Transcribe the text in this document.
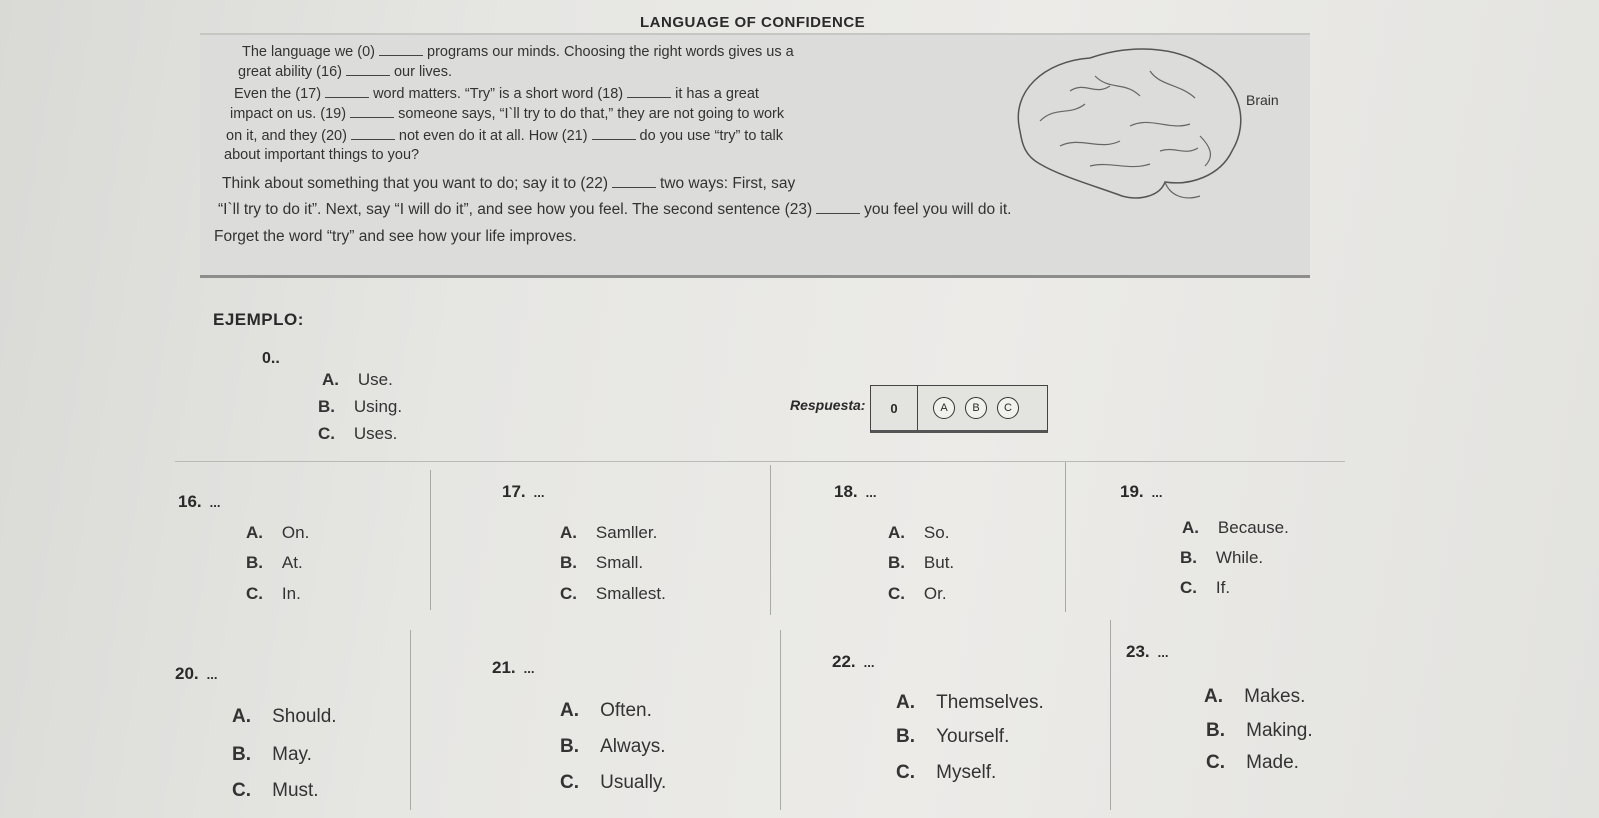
LANGUAGE OF CONFIDENCE
The language we (0)	programs our minds. Choosing the right words gives us a
great ability (16)	our lives.
Even the (17)	word matters. “Try” is a short word (18)	it has a great
impact on us. (19)	someone says, “I`ll try to do that,” they are not going to work
on it, and they (20)	not even do it at all. How (21)	do you use “try” to talk
about important things to you?
Think about something that you want to do; say it to (22)	two ways: First, say
“I`ll try to do it”. Next, say “I will do it”, and see how you feel. The second sentence (23)	you feel you will do it.
Forget the word “try” and see how your life improves.
Brain
EJEMPLO:
0..
A. Use.
B. Using.
C. Uses.
Respuesta:	0	A	B	C
16. ...
A. On.
B. At.
C. In.
17. ...
A. Samller.
B. Small.
C. Smallest.
18. ...
A. So.
B. But.
C. Or.
19. ...
A. Because.
B. While.
C. If.
20. ...
A. Should.
B. May.
C. Must.
21. ...
A. Often.
B. Always.
C. Usually.
22. ...
A. Themselves.
B. Yourself.
C. Myself.
23. ...
A. Makes.
B. Making.
C. Made.
